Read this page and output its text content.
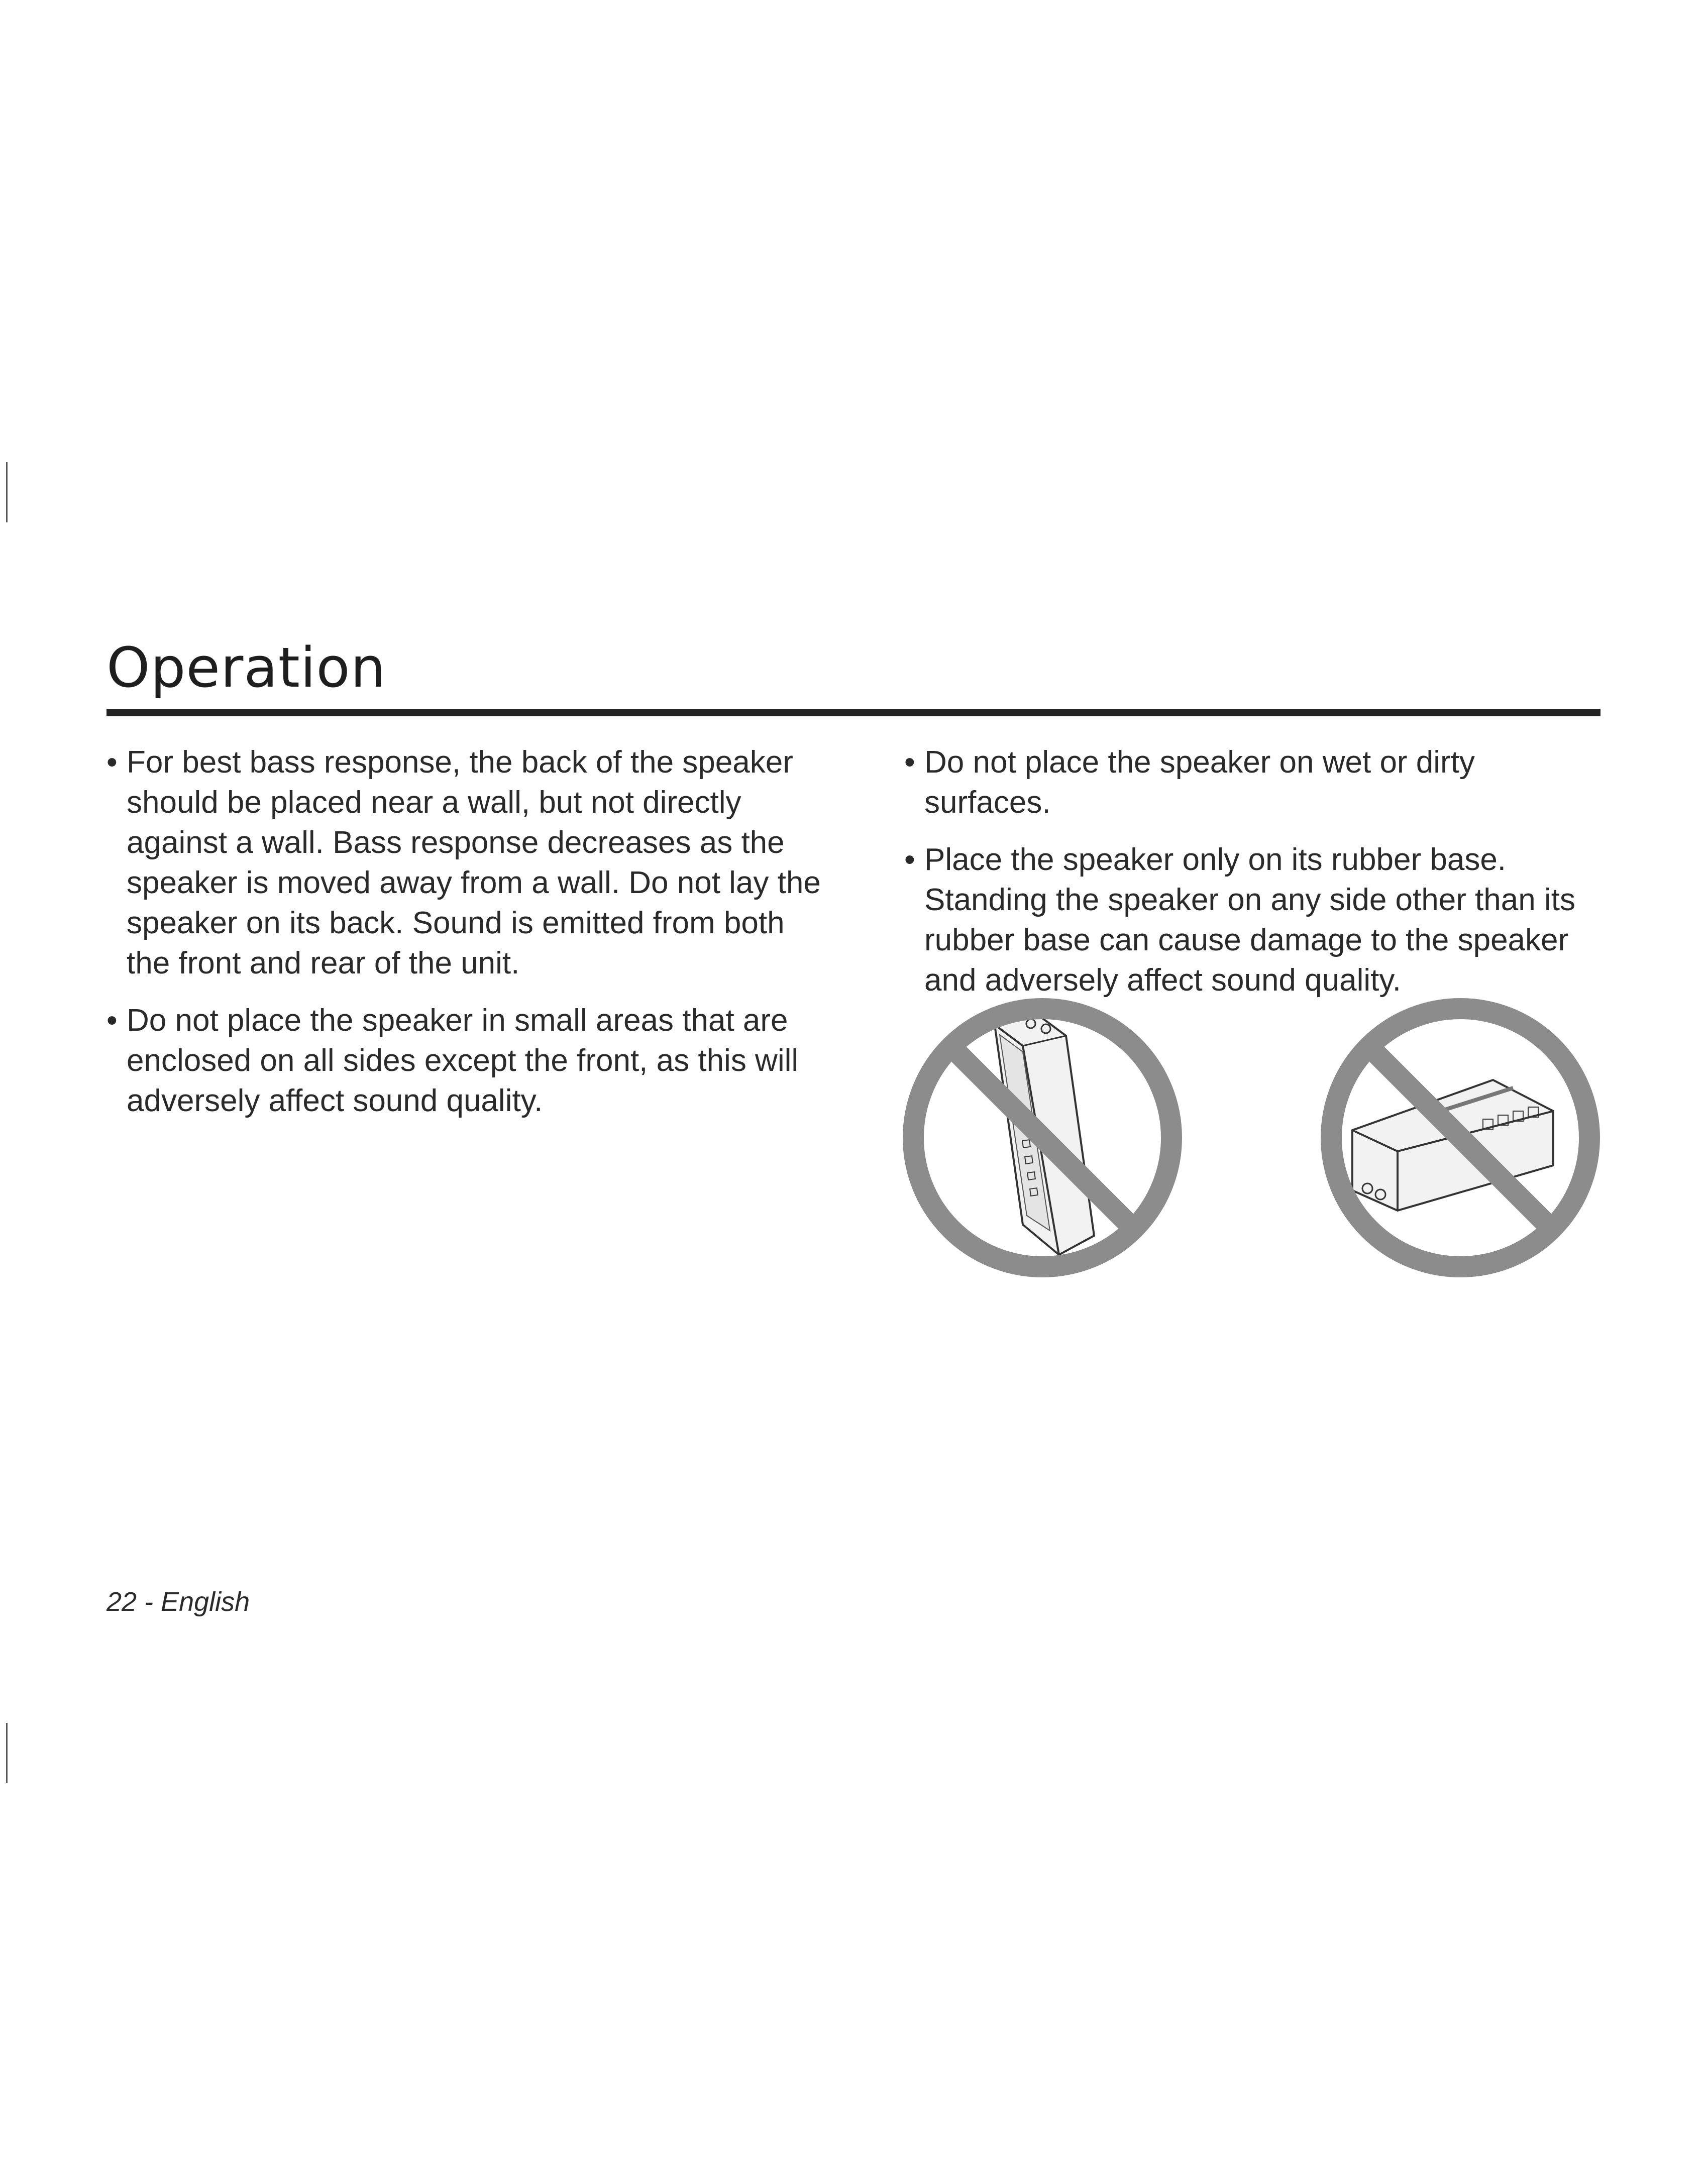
Operation
• For best bass response, the back of the speaker should be placed near a wall, but not directly against a wall. Bass response decreases as the speaker is moved away from a wall. Do not lay the speaker on its back. Sound is emitted from both the front and rear of the unit.
• Do not place the speaker in small areas that are enclosed on all sides except the front, as this will adversely affect sound quality.
• Do not place the speaker on wet or dirty surfaces.
• Place the speaker only on its rubber base. Standing the speaker on any side other than its rubber base can cause damage to the speaker and adversely affect sound quality.
22 - English
